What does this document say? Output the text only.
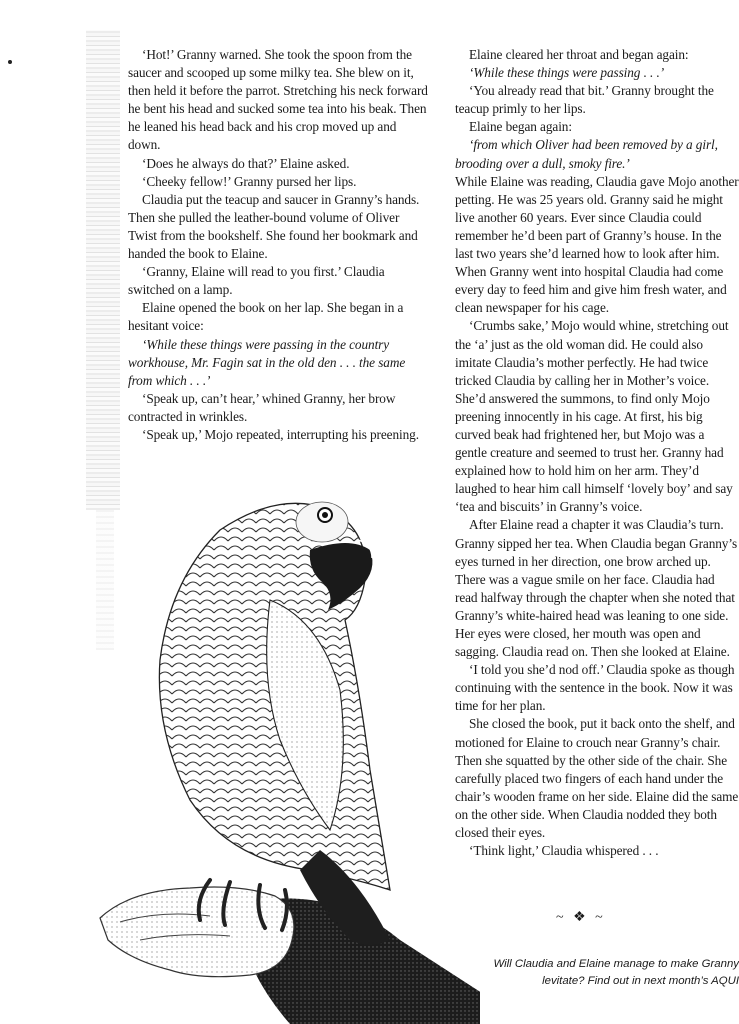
‘Hot!’ Granny warned. She took the spoon from the saucer and scooped up some milky tea. She blew on it, then held it before the parrot. Stretching his neck forward he bent his head and sucked some tea into his beak. Then he leaned his head back and his crop moved up and down.

‘Does he always do that?’ Elaine asked.

‘Cheeky fellow!’ Granny pursed her lips.

Claudia put the teacup and saucer in Granny’s hands. Then she pulled the leather-bound volume of Oliver Twist from the bookshelf. She found her bookmark and handed the book to Elaine.

‘Granny, Elaine will read to you first.’ Claudia switched on a lamp.

Elaine opened the book on her lap. She began in a hesitant voice:

‘While these things were passing in the country workhouse, Mr. Fagin sat in the old den . . . the same from which . . .’

‘Speak up, can’t hear,’ whined Granny, her brow contracted in wrinkles.

‘Speak up,’ Mojo repeated, interrupting his preening.

Elaine cleared her throat and began again:

‘While these things were passing . . .’

‘You already read that bit.’ Granny brought the teacup primly to her lips.

Elaine began again:

‘from which Oliver had been removed by a girl, brooding over a dull, smoky fire.’

While Elaine was reading, Claudia gave Mojo another petting. He was 25 years old. Granny said he might live another 60 years. Ever since Claudia could remember he’d been part of Granny’s house. In the last two years she’d learned how to look after him. When Granny went into hospital Claudia had come every day to feed him and give him fresh water, and clean newspaper for his cage.

‘Crumbs sake,’ Mojo would whine, stretching out the ‘a’ just as the old woman did. He could also imitate Claudia’s mother perfectly. He had twice tricked Claudia by calling her in Mother’s voice. She’d answered the summons, to find only Mojo preening innocently in his cage. At first, his big curved beak had frightened her, but Mojo was a gentle creature and seemed to trust her. Granny had explained how to hold him on her arm. They’d laughed to hear him call himself ‘lovely boy’ and say ‘tea and biscuits’ in Granny’s voice.

After Elaine read a chapter it was Claudia’s turn. Granny sipped her tea. When Claudia began Granny’s eyes turned in her direction, one brow arched up. There was a vague smile on her face. Claudia had read halfway through the chapter when she noted that Granny’s white-haired head was leaning to one side. Her eyes were closed, her mouth was open and sagging. Claudia read on. Then she looked at Elaine.

‘I told you she’d nod off.’ Claudia spoke as though continuing with the sentence in the book. Now it was time for her plan.

She closed the book, put it back onto the shelf, and motioned for Elaine to crouch near Granny’s chair. Then she squatted by the other side of the chair. She carefully placed two fingers of each hand under the chair’s wooden frame on her side. Elaine did the same on the other side. When Claudia nodded they both closed their eyes.

‘Think light,’ Claudia whispered . . .

~ ❖ ~
Will Claudia and Elaine manage to make Granny
levitate? Find out in next month’s AQUI
